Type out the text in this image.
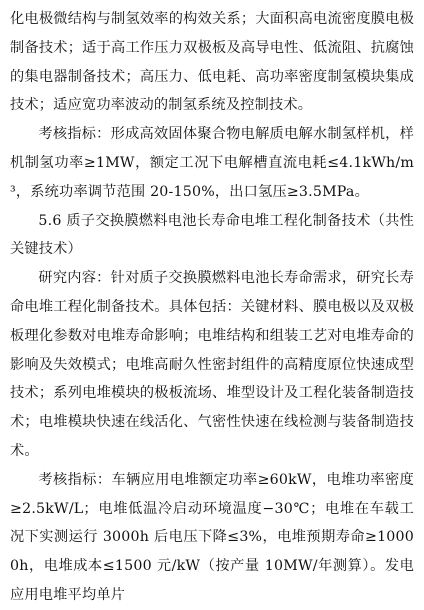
化电极微结构与制氢效率的构效关系；大面积高电流密度膜电极制备技术；适于高工作压力双极板及高导电性、低流阻、抗腐蚀的集电器制备技术；高压力、低电耗、高功率密度制氢模块集成技术；适应宽功率波动的制氢系统及控制技术。

考核指标：形成高效固体聚合物电解质电解水制氢样机，样机制氢功率≥1MW，额定工况下电解槽直流电耗≤4.1kWh/m³，系统功率调节范围 20-150%，出口氢压≥3.5MPa。

5.6 质子交换膜燃料电池长寿命电堆工程化制备技术（共性关键技术）

研究内容：针对质子交换膜燃料电池长寿命需求，研究长寿命电堆工程化制备技术。具体包括：关键材料、膜电极以及双极板理化参数对电堆寿命影响；电堆结构和组装工艺对电堆寿命的影响及失效模式；电堆高耐久性密封组件的高精度原位快速成型技术；系列电堆模块的极板流场、堆型设计及工程化装备制造技术；电堆模块快速在线活化、气密性快速在线检测与装备制造技术。

考核指标：车辆应用电堆额定功率≥60kW，电堆功率密度≥2.5kW/L；电堆低温冷启动环境温度−30℃；电堆在车载工况下实测运行 3000h 后电压下降≤3%，电堆预期寿命≥10000h，电堆成本≤1500 元/kW（按产量 10MW/年测算）。发电应用电堆平均单片
